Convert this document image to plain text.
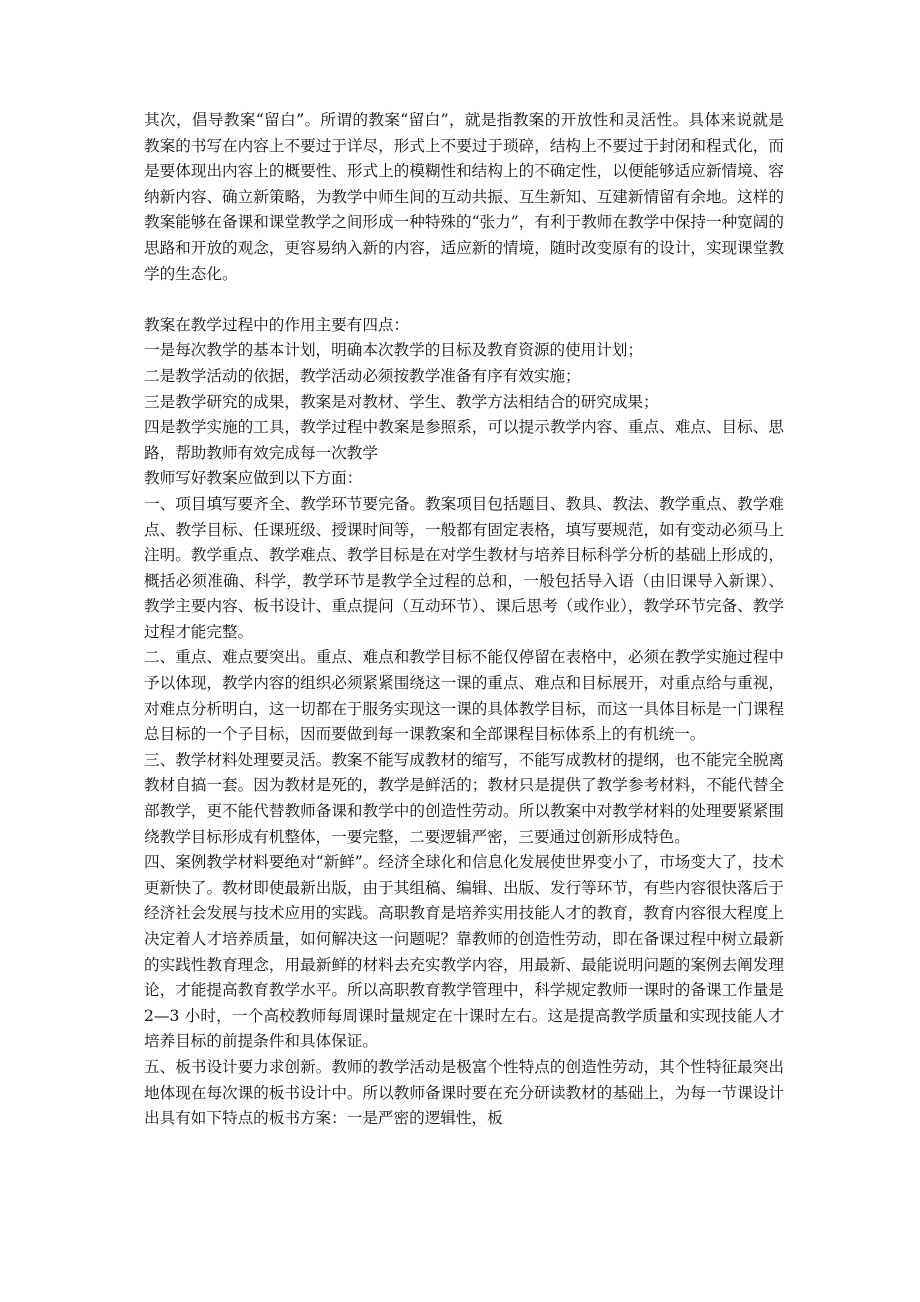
其次，倡导教案“留白”。所谓的教案“留白”，就是指教案的开放性和灵活性。具体来说就是教案的书写在内容上不要过于详尽，形式上不要过于琐碎，结构上不要过于封闭和程式化，而是要体现出内容上的概要性、形式上的模糊性和结构上的不确定性，以便能够适应新情境、容纳新内容、确立新策略，为教学中师生间的互动共振、互生新知、互建新情留有余地。这样的教案能够在备课和课堂教学之间形成一种特殊的“张力”，有利于教师在教学中保持一种宽阔的思路和开放的观念，更容易纳入新的内容，适应新的情境，随时改变原有的设计，实现课堂教学的生态化。

教案在教学过程中的作用主要有四点：

一是每次教学的基本计划，明确本次教学的目标及教育资源的使用计划；

二是教学活动的依据，教学活动必须按教学准备有序有效实施；

三是教学研究的成果，教案是对教材、学生、教学方法相结合的研究成果；

四是教学实施的工具，教学过程中教案是参照系，可以提示教学内容、重点、难点、目标、思路，帮助教师有效完成每一次教学

教师写好教案应做到以下方面：

一、项目填写要齐全、教学环节要完备。教案项目包括题目、教具、教法、教学重点、教学难点、教学目标、任课班级、授课时间等，一般都有固定表格，填写要规范，如有变动必须马上注明。教学重点、教学难点、教学目标是在对学生教材与培养目标科学分析的基础上形成的，概括必须准确、科学，教学环节是教学全过程的总和，一般包括导入语（由旧课导入新课）、教学主要内容、板书设计、重点提问（互动环节）、课后思考（或作业），教学环节完备、教学过程才能完整。

二、重点、难点要突出。重点、难点和教学目标不能仅停留在表格中，必须在教学实施过程中予以体现，教学内容的组织必须紧紧围绕这一课的重点、难点和目标展开，对重点给与重视，对难点分析明白，这一切都在于服务实现这一课的具体教学目标，而这一具体目标是一门课程总目标的一个子目标，因而要做到每一课教案和全部课程目标体系上的有机统一。

三、教学材料处理要灵活。教案不能写成教材的缩写，不能写成教材的提纲，也不能完全脱离教材自搞一套。因为教材是死的，教学是鲜活的；教材只是提供了教学参考材料，不能代替全部教学，更不能代替教师备课和教学中的创造性劳动。所以教案中对教学材料的处理要紧紧围绕教学目标形成有机整体，一要完整，二要逻辑严密，三要通过创新形成特色。

四、案例教学材料要绝对“新鲜”。经济全球化和信息化发展使世界变小了，市场变大了，技术更新快了。教材即使最新出版，由于其组稿、编辑、出版、发行等环节，有些内容很快落后于经济社会发展与技术应用的实践。高职教育是培养实用技能人才的教育，教育内容很大程度上决定着人才培养质量，如何解决这一问题呢？靠教师的创造性劳动，即在备课过程中树立最新的实践性教育理念，用最新鲜的材料去充实教学内容，用最新、最能说明问题的案例去阐发理论，才能提高教育教学水平。所以高职教育教学管理中，科学规定教师一课时的备课工作量是 2—3 小时，一个高校教师每周课时量规定在十课时左右。这是提高教学质量和实现技能人才培养目标的前提条件和具体保证。

五、板书设计要力求创新。教师的教学活动是极富个性特点的创造性劳动，其个性特征最突出地体现在每次课的板书设计中。所以教师备课时要在充分研读教材的基础上，为每一节课设计出具有如下特点的板书方案：一是严密的逻辑性，板
